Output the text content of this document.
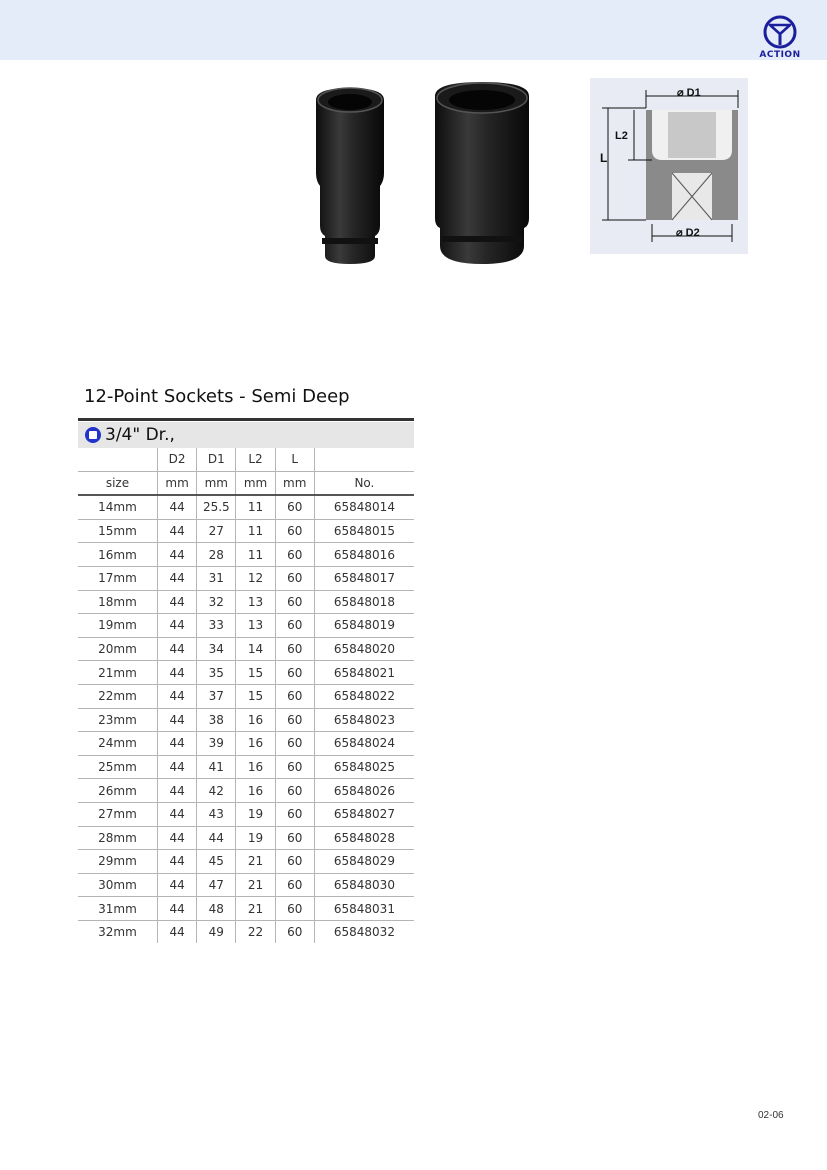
ACTION
⌀ D1
⌀ D2
L
L2
12-Point Sockets - Semi Deep
3/4" Dr.,
	D2	D1	L2	L	
size	mm	mm	mm	mm	No.
14mm	44	25.5	11	60	65848014
15mm	44	27	11	60	65848015
16mm	44	28	11	60	65848016
17mm	44	31	12	60	65848017
18mm	44	32	13	60	65848018
19mm	44	33	13	60	65848019
20mm	44	34	14	60	65848020
21mm	44	35	15	60	65848021
22mm	44	37	15	60	65848022
23mm	44	38	16	60	65848023
24mm	44	39	16	60	65848024
25mm	44	41	16	60	65848025
26mm	44	42	16	60	65848026
27mm	44	43	19	60	65848027
28mm	44	44	19	60	65848028
29mm	44	45	21	60	65848029
30mm	44	47	21	60	65848030
31mm	44	48	21	60	65848031
32mm	44	49	22	60	65848032
02-06
